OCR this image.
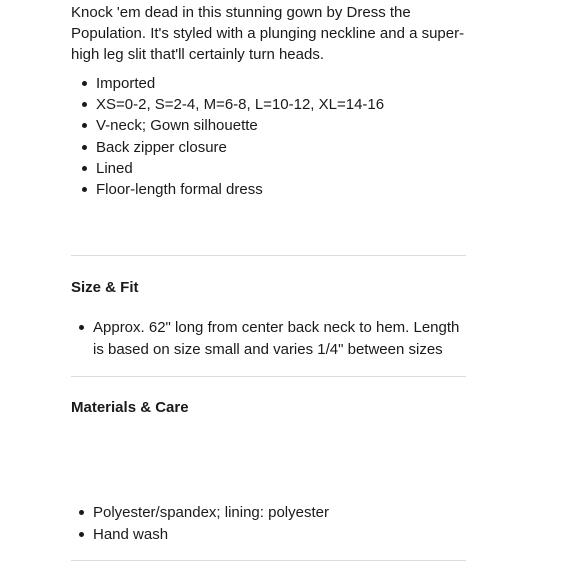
Knock 'em dead in this stunning gown by Dress the Population. It's styled with a plunging neckline and a super-high leg slit that'll certainly turn heads.

Imported
XS=0-2, S=2-4, M=6-8, L=10-12, XL=14-16
V-neck; Gown silhouette
Back zipper closure
Lined
Floor-length formal dress
Size & Fit
Approx. 62" long from center back neck to hem. Length is based on size small and varies 1/4" between sizes
Materials & Care
Polyester/spandex; lining: polyester
Hand wash
